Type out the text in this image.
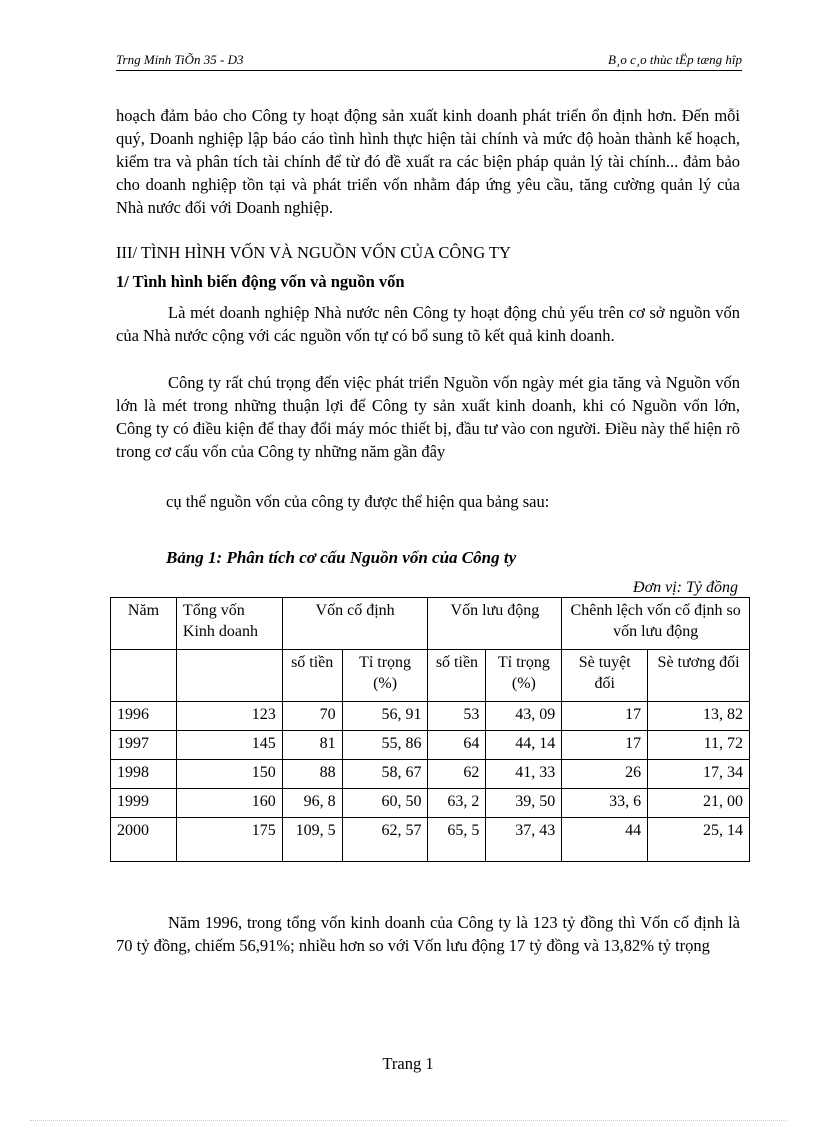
Trng Minh TiÕn 35 - D3	B¸o c¸o thùc tËp tæng hîp

hoạch đảm bảo cho Công ty hoạt động sản xuất kinh doanh phát triển ổn định hơn. Đến mỗi quý, Doanh nghiệp lập báo cáo tình hình thực hiện tài chính và mức độ hoàn thành kế hoạch, kiểm tra và phân tích tài chính để từ đó đề xuất ra các biện pháp quản lý tài chính... đảm bảo cho doanh nghiệp tồn tại và phát triển vốn nhằm đáp ứng yêu cầu, tăng cường quản lý của Nhà nước đối với Doanh nghiệp.

III/ TÌNH HÌNH VỐN VÀ NGUỒN VỐN CỦA CÔNG TY

1/ Tình hình biến động vốn và nguồn vốn

Là mét doanh nghiệp Nhà nước nên Công ty hoạt động chủ yếu trên cơ sở nguồn vốn của Nhà nước cộng với các nguồn vốn tự có bổ sung tõ kết quả kinh doanh.

Công ty rất chú trọng đến việc phát triển Nguồn vốn ngày mét gia tăng và Nguồn vốn lớn là mét trong những thuận lợi để Công ty sản xuất kinh doanh, khi có Nguồn vốn lớn, Công ty có điều kiện để thay đổi máy móc thiết bị, đầu tư vào con người. Điều này thể hiện rõ trong cơ cấu vốn của Công ty những năm gần đây

cụ thể nguồn vốn của công ty được thể hiện qua bảng sau:

Bảng 1: Phân tích cơ cấu Nguồn vốn của Công ty

Đơn vị: Tỷ đồng

Năm	Tổng vốn Kinh doanh	Vốn cố định		Vốn lưu động		Chênh lệch vốn cố định so vốn lưu động	
		số tiền	Tỉ trọng (%)	số tiền	Tỉ trọng (%)	Sè tuyệt đối	Sè tương đối
1996	123	70	56, 91	53	43, 09	17	13, 82
1997	145	81	55, 86	64	44, 14	17	11, 72
1998	150	88	58, 67	62	41, 33	26	17, 34
1999	160	96, 8	60, 50	63, 2	39, 50	33, 6	21, 00
2000	175	109, 5	62, 57	65, 5	37, 43	44	25, 14

Năm 1996, trong tổng vốn kinh doanh của Công ty là 123 tỷ đồng thì Vốn cố định là 70 tỷ đồng, chiếm 56,91%; nhiều hơn so với Vốn lưu động 17 tỷ đồng và 13,82% tỷ trọng

Trang 1
